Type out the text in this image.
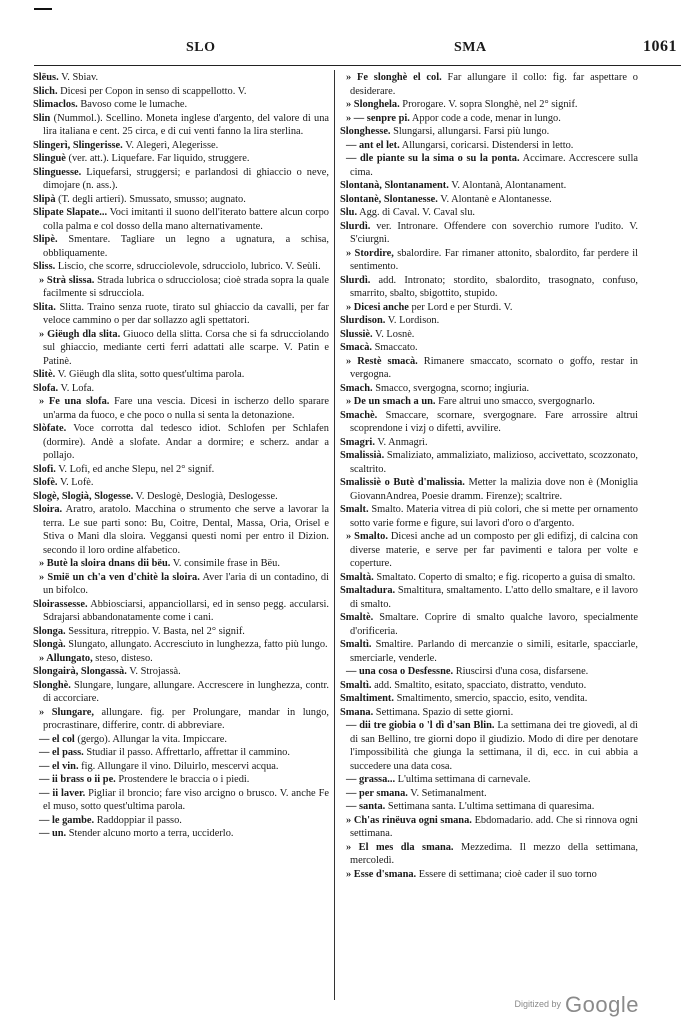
SLO	SMA	1061
Slëus. V. Sbiav.
Slich. Dicesi per Copon in senso di scappellotto. V.
Slimaclos. Bavoso come le lumache.
Slin (Nummol.). Scellino. Moneta inglese d'argento, del valore di una lira italiana e cent. 25 circa, e di cui venti fanno la lira sterlina.
Slingerì, Slingerisse. V. Alegerì, Alegerisse.
Slinguè (ver. att.). Liquefare. Far liquido, struggere.
Slinguesse. Liquefarsi, struggersi; e parlandosi di ghiaccio o neve, dimojare (n. ass.).
Slipà (T. degli artieri). Smussato, smusso; augnato.
Slipate Slapate... Voci imitanti il suono dell'iterato battere alcun corpo colla palma e col dosso della mano alternativamente.
Slipè. Smentare. Tagliare un legno a ugnatura, a schisa, obbliquamente.
Sliss. Liscio, che scorre, sdrucciolevole, sdrucciolo, lubrico. V. Seùli.
» Strà slissa. Strada lubrica o sdrucciolosa; cioè strada sopra la quale facilmente si sdrucciola.
Slita. Slitta. Traino senza ruote, tirato sul ghiaccio da cavalli, per far veloce cammino o per dar sollazzo agli spettatori.
» Giëugh dla slita. Giuoco della slitta. Corsa che si fa sdrucciolando sul ghiaccio, mediante certi ferri adattati alle scarpe. V. Patin e Patinè.
Slitè. V. Giëugh dla slita, sotto quest'ultima parola.
Slofa. V. Lofa.
» Fe una slofa. Fare una vescia. Dicesi in ischerzo dello sparare un'arma da fuoco, e che poco o nulla si senta la detonazione.
Slòfate. Voce corrotta dal tedesco idiot. Schlofen per Schlafen (dormire). Andè a slofate. Andar a dormire; e scherz. andar a pollajo.
Slofi. V. Lofi, ed anche Slepu, nel 2° signif.
Slofè. V. Lofè.
Slogè, Slogià, Slogesse. V. Deslogè, Deslogià, Deslogesse.
Sloira. Aratro, aratolo. Macchina o strumento che serve a lavorar la terra. Le sue parti sono: Bu, Coitre, Dental, Massa, Oria, Orisel e Stiva o Mani dla sloira. Veggansi questi nomi per entro il Dizion. secondo il loro ordine alfabetico.
» Butè la sloira dnans dii bëu. V. consimile frase in Bëu.
» Smië un ch'a ven d'chitè la sloira. Aver l'aria di un contadino, di un bifolco.
Sloirassesse. Abbiosciarsi, appanciollarsi, ed in senso pegg. accularsi. Sdrajarsi abbandonatamente come i cani.
Slonga. Sessitura, ritreppio. V. Basta, nel 2° signif.
Slongà. Slungato, allungato. Accresciuto in lunghezza, fatto più lungo.
» Allungato, steso, disteso.
Slongairà, Slongassà. V. Strojassà.
Slonghè. Slungare, lungare, allungare. Accrescere in lunghezza, contr. di accorciare.
» Slungare, allungare. fig. per Prolungare, mandar in lungo, procrastinare, differire, contr. di abbreviare.
— el col (gergo). Allungar la vita. Impiccare.
— el pass. Studiar il passo. Affrettarlo, affrettar il cammino.
— el vin. fig. Allungare il vino. Diluirlo, mescervi acqua.
— ii brass o ii pe. Prostendere le braccia o i piedi.
— ii laver. Pigliar il broncio; fare viso arcigno o brusco. V. anche Fe el muso, sotto quest'ultima parola.
— le gambe. Raddoppiar il passo.
— un. Stender alcuno morto a terra, ucciderlo.
» Fe slonghè el col. Far allungare il collo: fig. far aspettare o desiderare.
» Slonghela. Prorogare. V. sopra Slonghè, nel 2° signif.
» — senpre pi. Appor code a code, menar in lungo.
Slonghesse. Slungarsi, allungarsi. Farsi più lungo.
— ant el let. Allungarsi, coricarsi. Distendersi in letto.
— dle piante su la sima o su la ponta. Accimare. Accrescere sulla cima.
Slontanà, Slontanament. V. Alontanà, Alontanament.
Slontanè, Slontanesse. V. Alontanè e Alontanesse.
Slu. Agg. di Caval. V. Caval slu.
Slurdì. ver. Intronare. Offendere con soverchio rumore l'udito. V. S'ciurgnì.
» Stordire, sbalordire. Far rimaner attonito, sbalordito, far perdere il sentimento.
Slurdì. add. Intronato; stordito, sbalordito, trasognato, confuso, smarrito, sbalto, sbigottito, stupido.
» Dicesi anche per Lord e per Sturdì. V.
Slurdison. V. Lordison.
Slussiè. V. Losnè.
Smacà. Smaccato.
» Restè smacà. Rimanere smaccato, scornato o goffo, restar in vergogna.
Smach. Smacco, svergogna, scorno; ingiuria.
» De un smach a un. Fare altrui uno smacco, svergognarlo.
Smachè. Smaccare, scornare, svergognare. Fare arrossire altrui scoprendone i vizj o difetti, avvilire.
Smagri. V. Anmagrì.
Smalissià. Smaliziato, ammaliziato, malizioso, accivettato, scozzonato, scaltrito.
Smalissiè o Butè d'malissia. Metter la malizia dove non è (Moniglia GiovannAndrea, Poesie dramm. Firenze); scaltrire.
Smalt. Smalto. Materia vitrea di più colori, che si mette per ornamento sotto varie forme e figure, sui lavori d'oro o d'argento.
» Smalto. Dicesi anche ad un composto per gli edifizj, di calcina con diverse materie, e serve per far pavimenti e talora per volte e coperture.
Smaltà. Smaltato. Coperto di smalto; e fig. ricoperto a guisa di smalto.
Smaltadura. Smaltitura, smaltamento. L'atto dello smaltare, e il lavoro di smalto.
Smaltè. Smaltare. Coprire di smalto qualche lavoro, specialmente d'orificeria.
Smaltì. Smaltire. Parlando di mercanzie o simili, esitarle, spacciarle, smerciarle, venderle.
— una cosa o Desfessne. Riuscirsi d'una cosa, disfarsene.
Smaltì. add. Smaltito, esitato, spacciato, distratto, venduto.
Smaltiment. Smaltimento, smercio, spaccio, esito, vendita.
Smana. Settimana. Spazio di sette giorni.
— dii tre giobia o 'l dì d'san Blin. La settimana dei tre giovedì, al dì di san Bellino, tre giorni dopo il giudizio. Modo di dire per denotare l'impossibilità che giunga la settimana, il dì, ecc. in cui abbia a succedere una data cosa.
— grassa... L'ultima settimana di carnevale.
— per smana. V. Setimanalment.
— santa. Settimana santa. L'ultima settimana di quaresima.
» Ch'as rinëuva ogni smana. Ebdomadario. add. Che si rinnova ogni settimana.
» El mes dla smana. Mezzedima. Il mezzo della settimana, mercoledì.
» Esse d'smana. Essere di settimana; cioè cader il suo torno
$^{Digitized by}$ Google
